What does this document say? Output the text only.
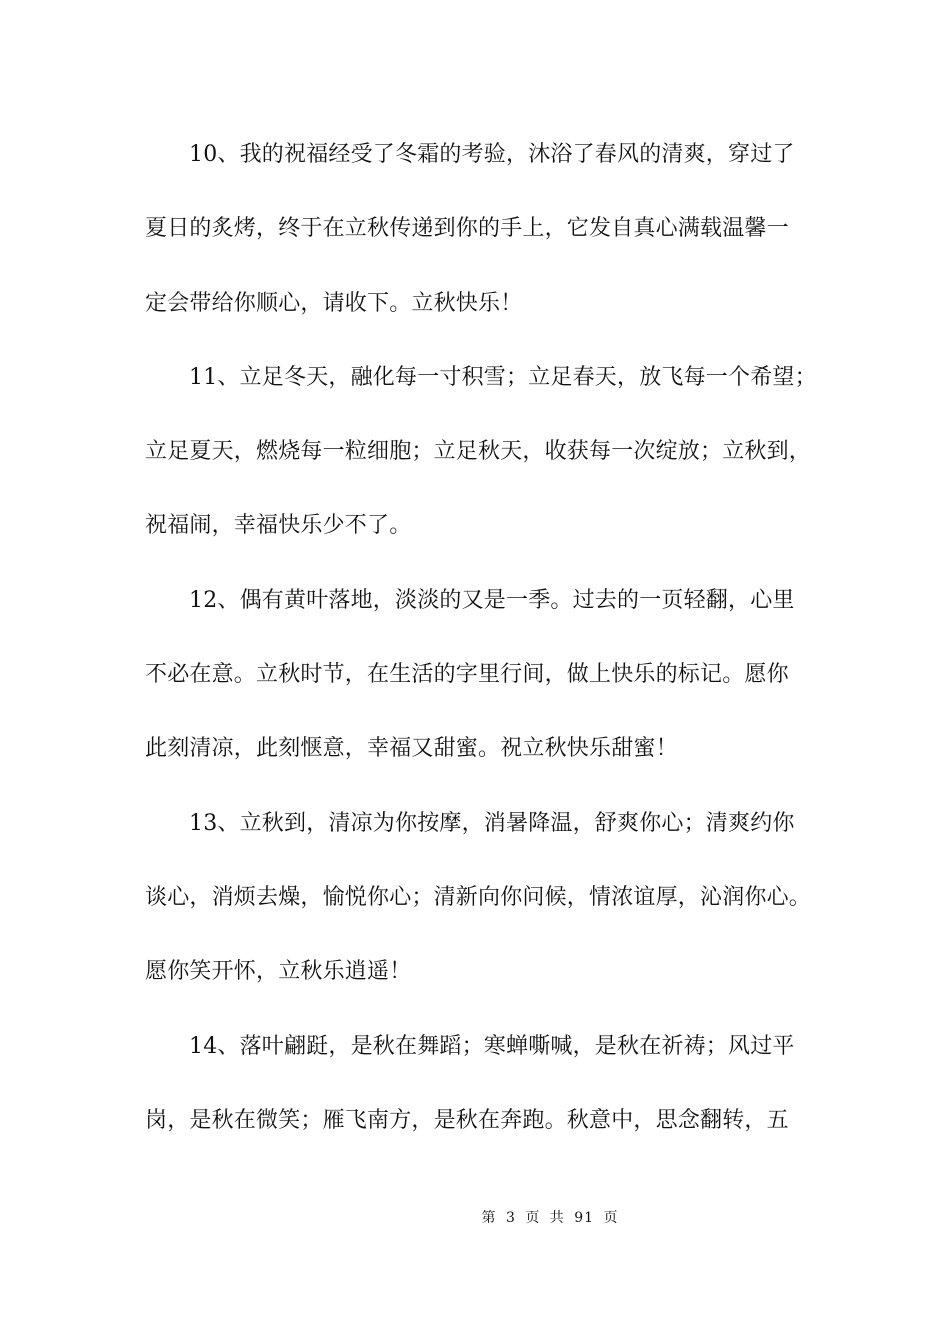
10、我的祝福经受了冬霜的考验，沐浴了春风的清爽，穿过了
夏日的炙烤，终于在立秋传递到你的手上，它发自真心满载温馨一
定会带给你顺心，请收下。立秋快乐！
11、立足冬天，融化每一寸积雪；立足春天，放飞每一个希望；
立足夏天，燃烧每一粒细胞；立足秋天，收获每一次绽放；立秋到，
祝福闹，幸福快乐少不了。
12、偶有黄叶落地，淡淡的又是一季。过去的一页轻翻，心里
不必在意。立秋时节，在生活的字里行间，做上快乐的标记。愿你
此刻清凉，此刻惬意，幸福又甜蜜。祝立秋快乐甜蜜！
13、立秋到，清凉为你按摩，消暑降温，舒爽你心；清爽约你
谈心，消烦去燥，愉悦你心；清新向你问候，情浓谊厚，沁润你心。
愿你笑开怀，立秋乐逍遥！
14、落叶翩跹，是秋在舞蹈；寒蝉嘶喊，是秋在祈祷；风过平
岗，是秋在微笑；雁飞南方，是秋在奔跑。秋意中，思念翻转，五
第 3 页 共 91 页
